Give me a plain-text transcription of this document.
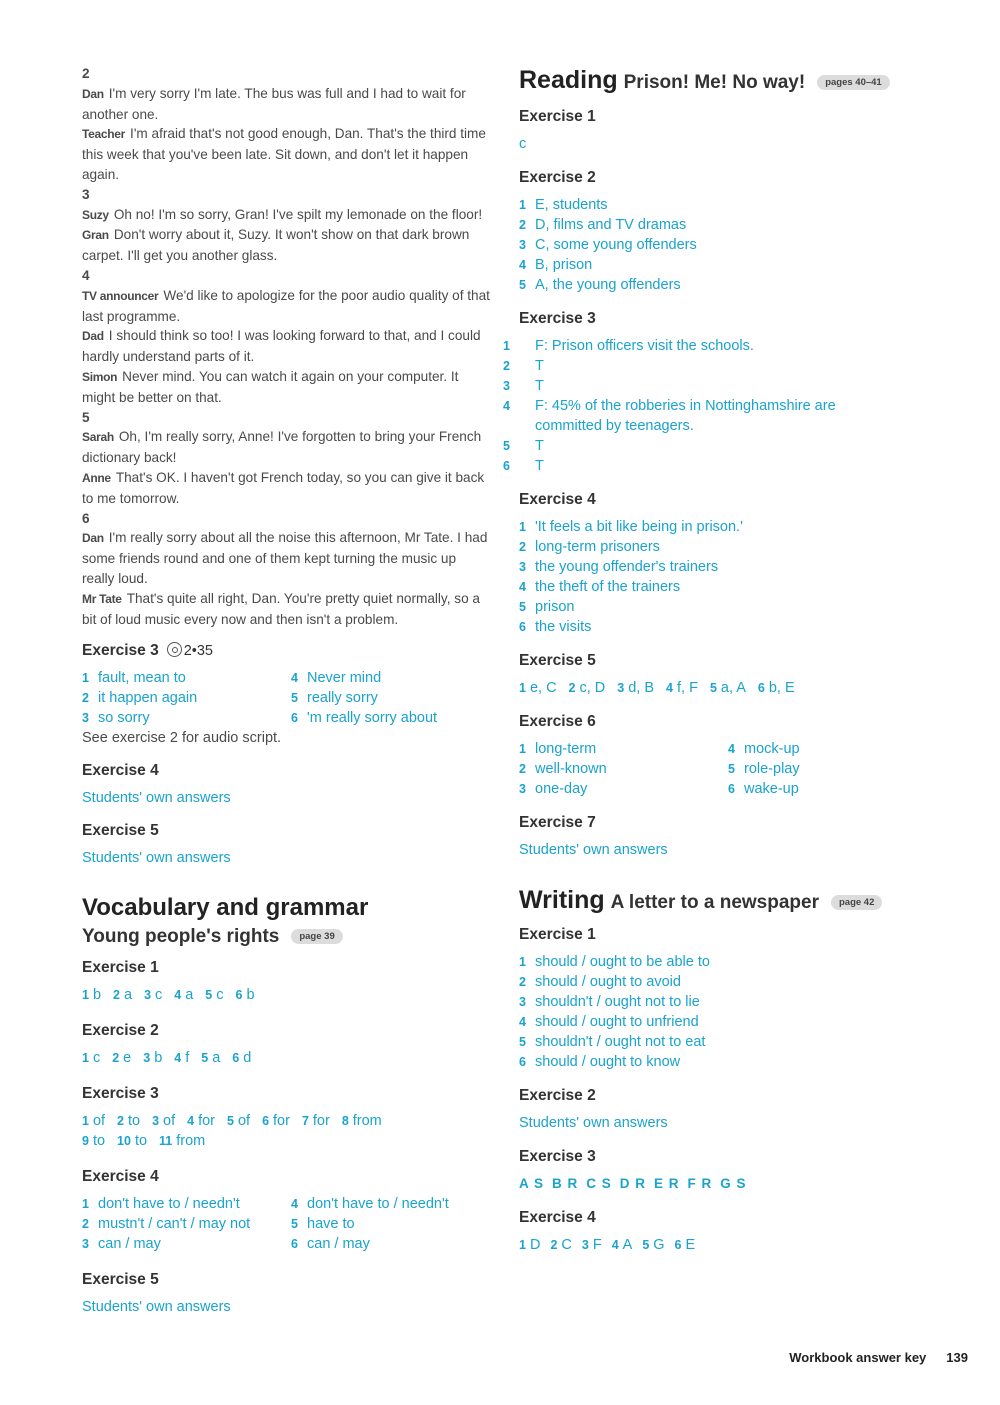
2
Dan I'm very sorry I'm late. The bus was full and I had to wait for another one.
Teacher I'm afraid that's not good enough, Dan. That's the third time this week that you've been late. Sit down, and don't let it happen again.
3
Suzy Oh no! I'm so sorry, Gran! I've spilt my lemonade on the floor!
Gran Don't worry about it, Suzy. It won't show on that dark brown carpet. I'll get you another glass.
4
TV announcer We'd like to apologize for the poor audio quality of that last programme.
Dad I should think so too! I was looking forward to that, and I could hardly understand parts of it.
Simon Never mind. You can watch it again on your computer. It might be better on that.
5
Sarah Oh, I'm really sorry, Anne! I've forgotten to bring your French dictionary back!
Anne That's OK. I haven't got French today, so you can give it back to me tomorrow.
6
Dan I'm really sorry about all the noise this afternoon, Mr Tate. I had some friends round and one of them kept turning the music up really loud.
Mr Tate That's quite all right, Dan. You're pretty quiet normally, so a bit of loud music every now and then isn't a problem.
Exercise 3 2•35
1 fault, mean to
2 it happen again
3 so sorry
4 Never mind
5 really sorry
6 'm really sorry about
See exercise 2 for audio script.
Exercise 4
Students' own answers
Exercise 5
Students' own answers
Vocabulary and grammar
Young people's rights page 39
Exercise 1
1 b 2 a 3 c 4 a 5 c 6 b
Exercise 2
1 c 2 e 3 b 4 f 5 a 6 d
Exercise 3
1 of 2 to 3 of 4 for 5 of 6 for 7 for 8 from
9 to 10 to 11 from
Exercise 4
1 don't have to / needn't
2 mustn't / can't / may not
3 can / may
4 don't have to / needn't
5 have to
6 can / may
Exercise 5
Students' own answers
Reading Prison! Me! No way! pages 40–41
Exercise 1
c
Exercise 2
1 E, students
2 D, films and TV dramas
3 C, some young offenders
4 B, prison
5 A, the young offenders
Exercise 3
1 F: Prison officers visit the schools.
2 T
3 T
4 F: 45% of the robberies in Nottinghamshire are committed by teenagers.
5 T
6 T
Exercise 4
1 'It feels a bit like being in prison.'
2 long-term prisoners
3 the young offender's trainers
4 the theft of the trainers
5 prison
6 the visits
Exercise 5
1 e, C 2 c, D 3 d, B 4 f, F 5 a, A 6 b, E
Exercise 6
1 long-term
2 well-known
3 one-day
4 mock-up
5 role-play
6 wake-up
Exercise 7
Students' own answers
Writing A letter to a newspaper page 42
Exercise 1
1 should / ought to be able to
2 should / ought to avoid
3 shouldn't / ought not to lie
4 should / ought to unfriend
5 shouldn't / ought not to eat
6 should / ought to know
Exercise 2
Students' own answers
Exercise 3
A S B R C S D R E R F R G S
Exercise 4
1 D 2 C 3 F 4 A 5 G 6 E
Workbook answer key 139
